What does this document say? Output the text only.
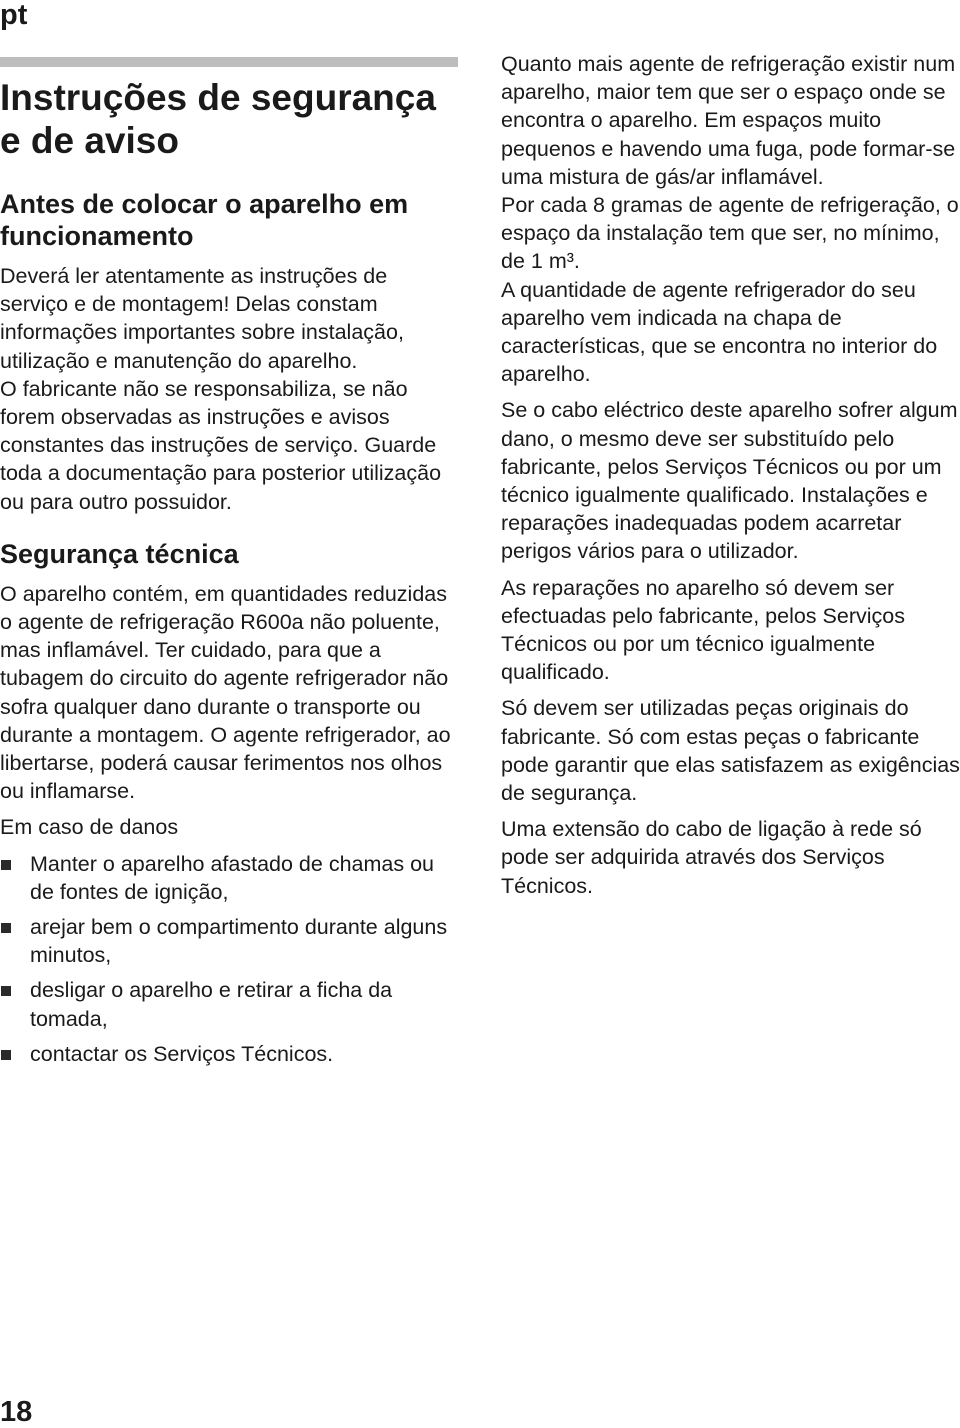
pt
Instruções de segurança e de aviso
Antes de colocar o aparelho em funcionamento

Deverá ler atentamente as instruções de serviço e de montagem! Delas constam informações importantes sobre instalação, utilização e manutenção do aparelho.

O fabricante não se responsabiliza, se não forem observadas as instruções e avisos constantes das instruções de serviço. Guarde toda a documentação para posterior utilização ou para outro possuidor.

Segurança técnica

O aparelho contém, em quantidades reduzidas o agente de refrigeração R600a não poluente, mas inflamável. Ter cuidado, para que a tubagem do circuito do agente refrigerador não sofra qualquer dano durante o transporte ou durante a montagem. O agente refrigerador, ao libertarse, poderá causar ferimentos nos olhos ou inflamarse.

Em caso de danos

Manter o aparelho afastado de chamas ou de fontes de ignição,
arejar bem o compartimento durante alguns minutos,
desligar o aparelho e retirar a ficha da tomada,
contactar os Serviços Técnicos.

Quanto mais agente de refrigeração existir num aparelho, maior tem que ser o espaço onde se encontra o aparelho. Em espaços muito pequenos e havendo uma fuga, pode formar-se uma mistura de gás/ar inflamável.

Por cada 8 gramas de agente de refrigeração, o espaço da instalação tem que ser, no mínimo, de 1 m³.

A quantidade de agente refrigerador do seu aparelho vem indicada na chapa de características, que se encontra no interior do aparelho.

Se o cabo eléctrico deste aparelho sofrer algum dano, o mesmo deve ser substituído pelo fabricante, pelos Serviços Técnicos ou por um técnico igualmente qualificado. Instalações e reparações inadequadas podem acarretar perigos vários para o utilizador.

As reparações no aparelho só devem ser efectuadas pelo fabricante, pelos Serviços Técnicos ou por um técnico igualmente qualificado.

Só devem ser utilizadas peças originais do fabricante. Só com estas peças o fabricante pode garantir que elas satisfazem as exigências de segurança.

Uma extensão do cabo de ligação à rede só pode ser adquirida através dos Serviços Técnicos.

18
